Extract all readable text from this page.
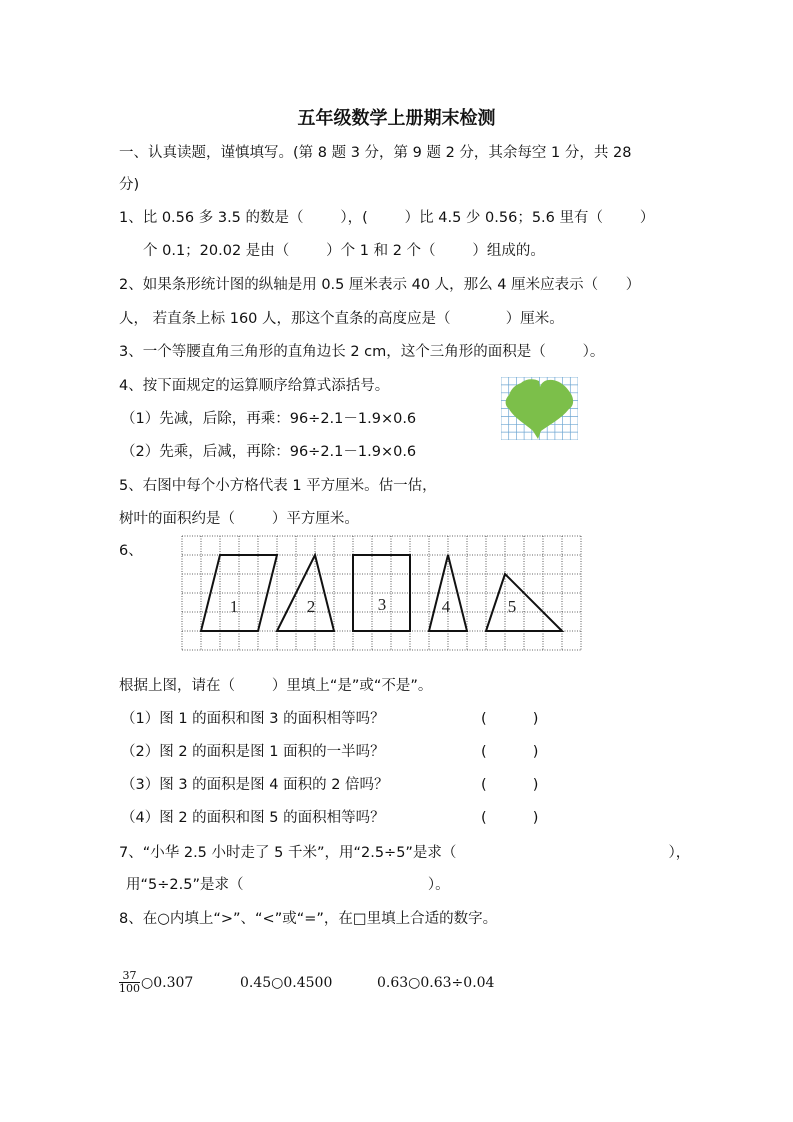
五年级数学上册期末检测
一、认真读题，谨慎填写。(第 8 题 3 分，第 9 题 2 分，其余每空 1 分，共 28
分)
1、比 0.56 多 3.5 的数是（        ），(        ）比 4.5 少 0.56；5.6 里有（        ）
个 0.1；20.02 是由（        ）个 1 和 2 个（        ）组成的。
2、如果条形统计图的纵轴是用 0.5 厘米表示 40 人，那么 4 厘米应表示（      ）
人， 若直条上标 160 人，那这个直条的高度应是（            ）厘米。
3、一个等腰直角三角形的直角边长 2 cm，这个三角形的面积是（        ）。
4、按下面规定的运算顺序给算式添括号。
（1）先减，后除，再乘：96÷2.1－1.9×0.6
（2）先乘，后减，再除：96÷2.1－1.9×0.6
5、右图中每个小方格代表 1 平方厘米。估一估，
树叶的面积约是（        ）平方厘米。
6、
1	2	3	4	5
根据上图，请在（        ）里填上“是”或“不是”。
（1）图 1 的面积和图 3 的面积相等吗？	(          )
（2）图 2 的面积是图 1 面积的一半吗？	(          )
（3）图 3 的面积是图 4 面积的 2 倍吗？	(          )
（4）图 2 的面积和图 5 的面积相等吗？	(          )
7、“小华 2.5 小时走了 5 千米”，用“2.5÷5”是求（                                              ），
用“5÷2.5”是求（                                        ）。
8、在○内填上“>”、“<”或“=”，在□里填上合适的数字。
$\frac{37}{100}$ ○0.307	0.45○0.4500	0.63○0.63÷0.04
